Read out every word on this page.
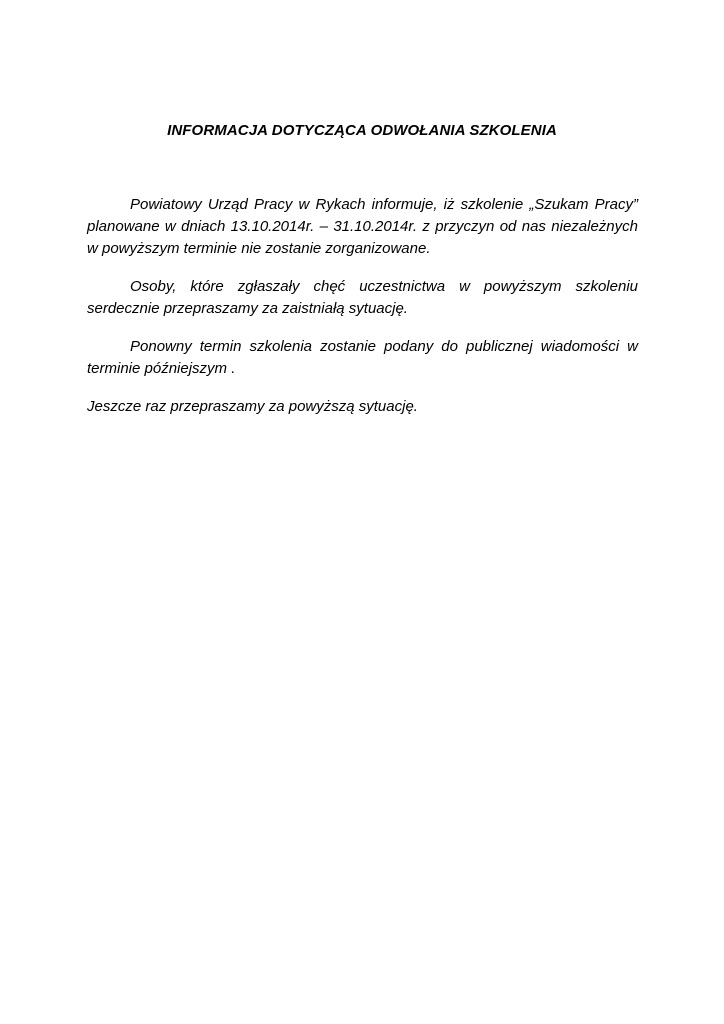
INFORMACJA DOTYCZĄCA ODWOŁANIA SZKOLENIA

Powiatowy Urząd Pracy w Rykach informuje, iż szkolenie „Szukam Pracy” planowane w dniach 13.10.2014r. – 31.10.2014r. z przyczyn od nas niezależnych w powyższym terminie nie zostanie zorganizowane.

Osoby, które zgłaszały chęć uczestnictwa w powyższym szkoleniu serdecznie przepraszamy za zaistniałą sytuację.

Ponowny termin szkolenia zostanie podany do publicznej wiadomości w terminie późniejszym .

Jeszcze raz przepraszamy za powyższą sytuację.
